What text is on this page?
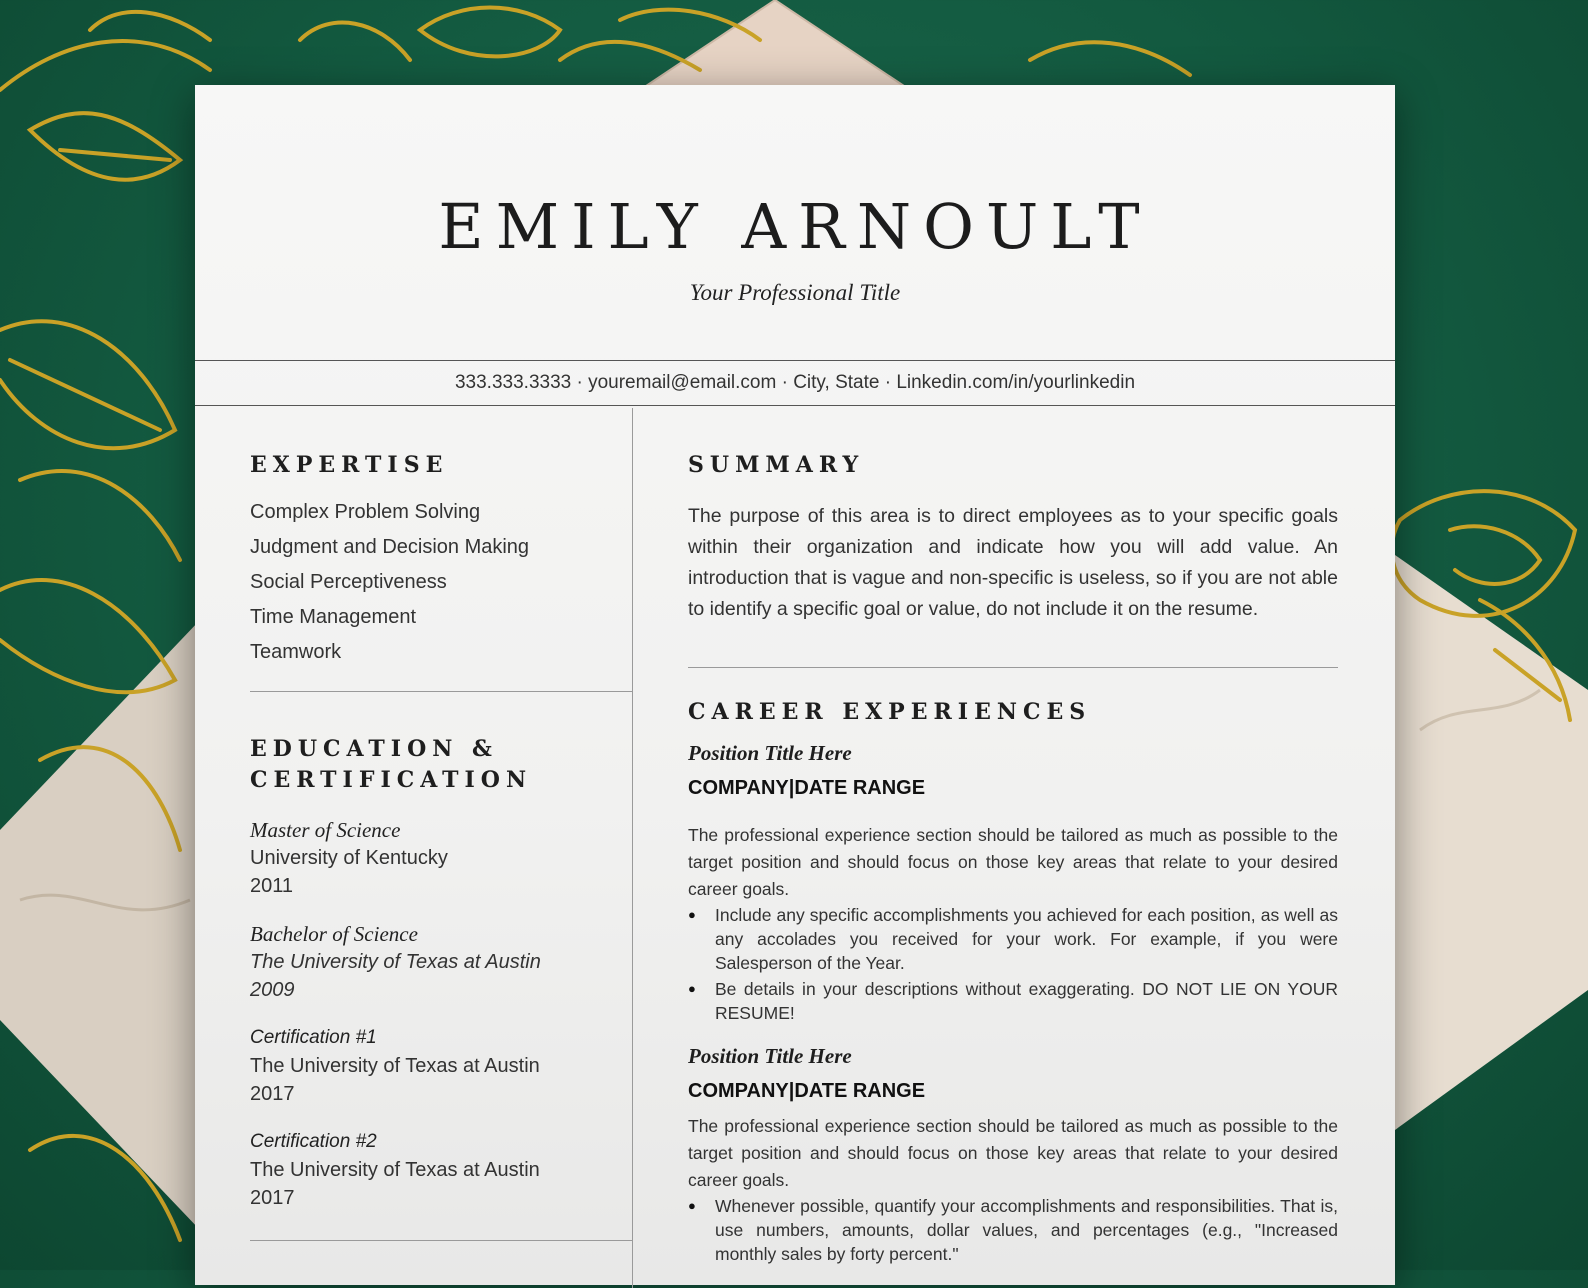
EMILY ARNOULT
Your Professional Title
333.333.3333 · youremail@email.com · City, State · Linkedin.com/in/yourlinkedin
EXPERTISE
Complex Problem Solving
Judgment and Decision Making
Social Perceptiveness
Time Management
Teamwork
EDUCATION &
CERTIFICATION
Master of Science
University of Kentucky
2011
Bachelor of Science
The University of Texas at Austin
2009
Certification #1
The University of Texas at Austin
2017
Certification #2
The University of Texas at Austin
2017
SUMMARY

The purpose of this area is to direct employees as to your specific goals within their organization and indicate how you will add value. An introduction that is vague and non-specific is useless, so if you are not able to identify a specific goal or value, do not include it on the resume.

CAREER EXPERIENCES
Position Title Here
COMPANY|DATE RANGE

The professional experience section should be tailored as much as possible to the target position and should focus on those key areas that relate to your desired career goals.

● Include any specific accomplishments you achieved for each position, as well as any accolades you received for your work. For example, if you were Salesperson of the Year.
● Be details in your descriptions without exaggerating. DO NOT LIE ON YOUR RESUME!
Position Title Here
COMPANY|DATE RANGE

The professional experience section should be tailored as much as possible to the target position and should focus on those key areas that relate to your desired career goals.

● Whenever possible, quantify your accomplishments and responsibilities. That is, use numbers, amounts, dollar values, and percentages (e.g., "Increased monthly sales by forty percent."
